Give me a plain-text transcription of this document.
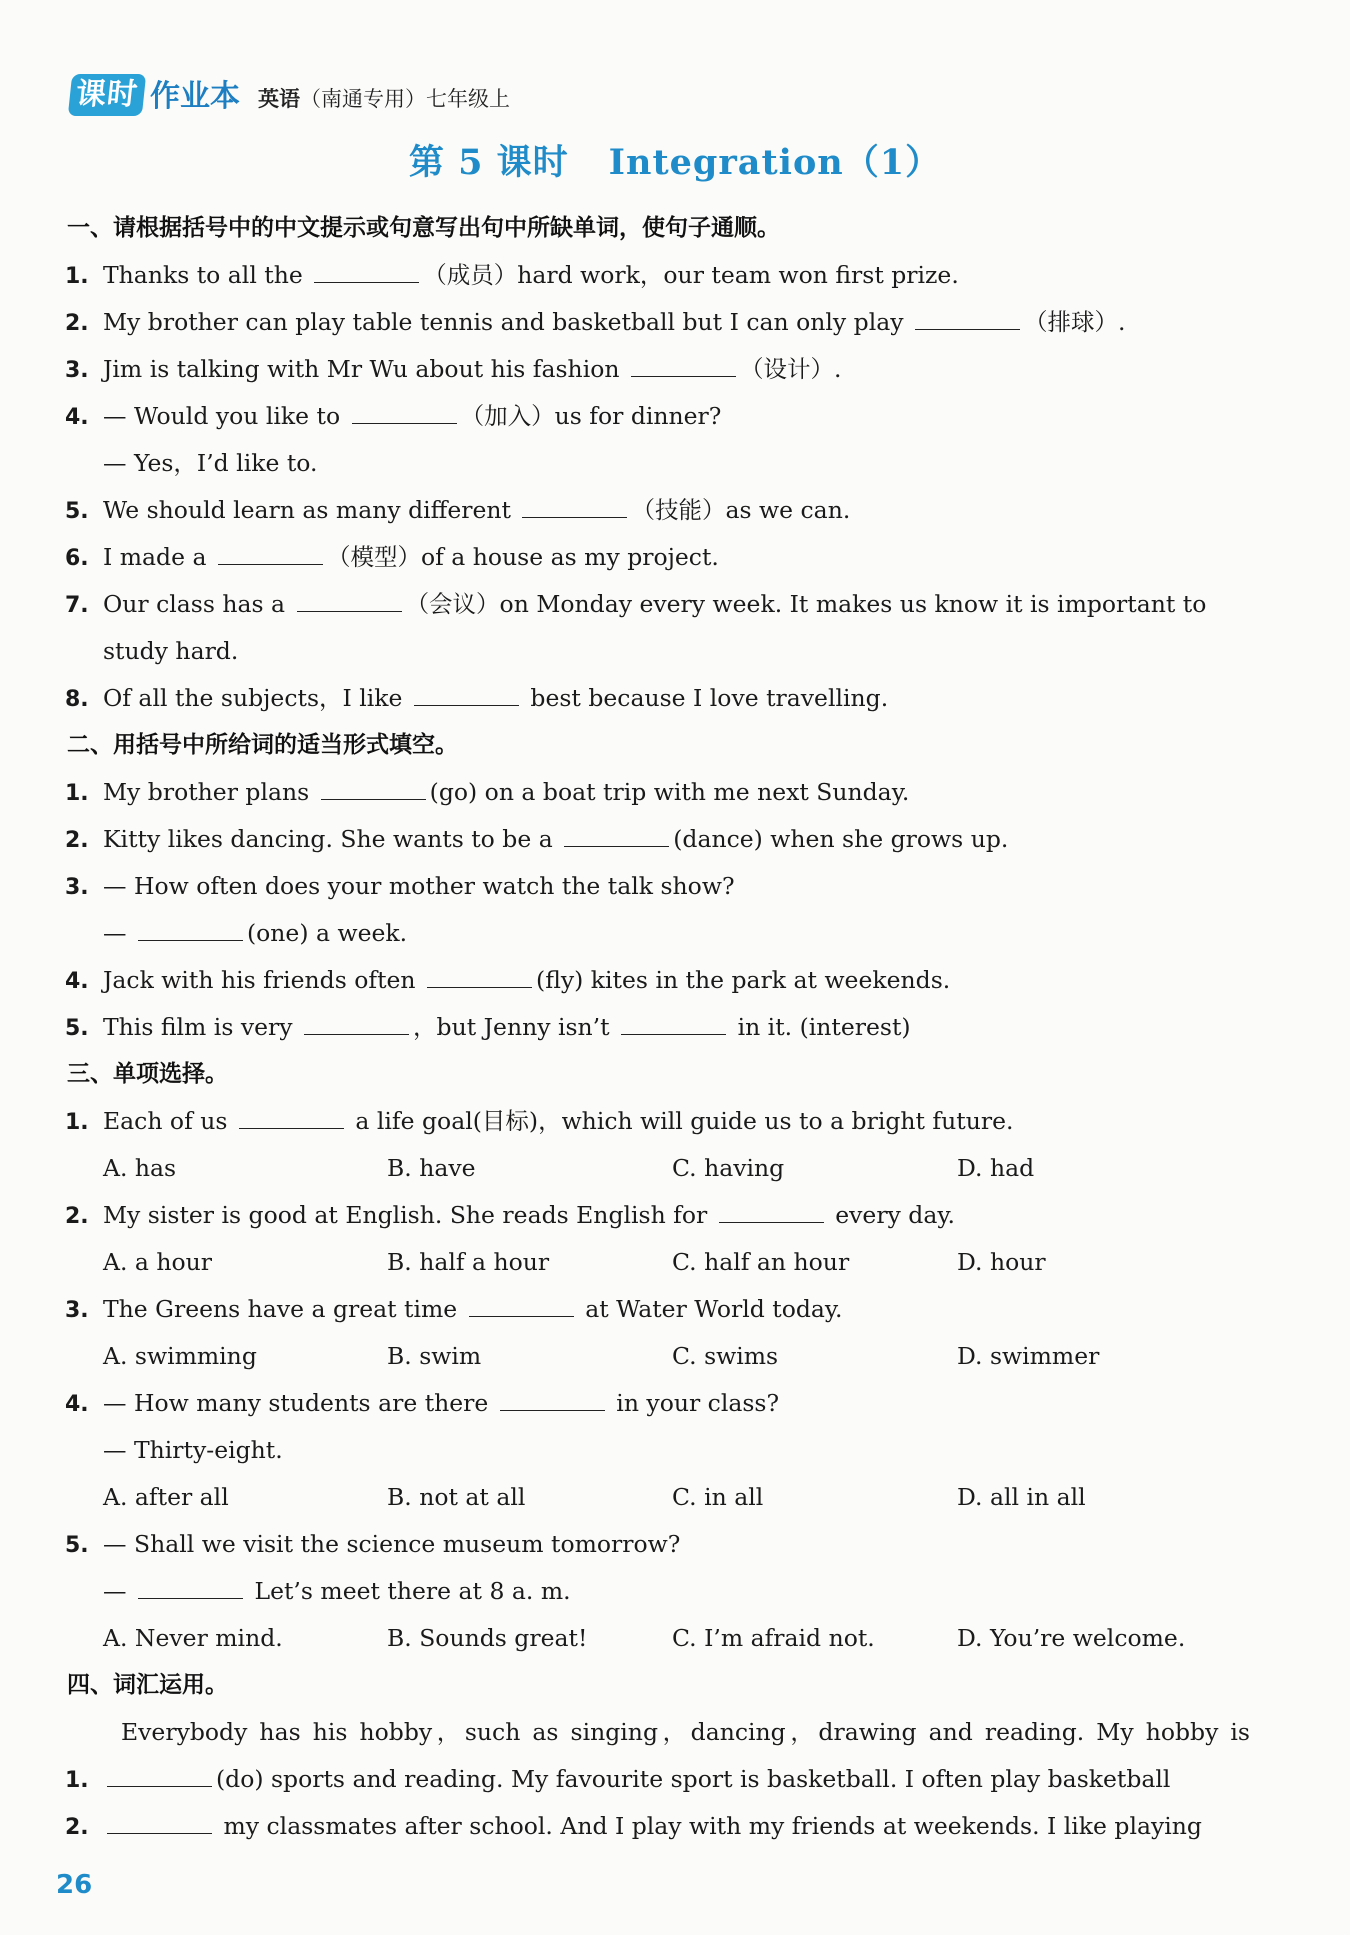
课时 作业本 英语（南通专用）七年级上
第 5 课时 Integration（1）
一、请根据括号中的中文提示或句意写出句中所缺单词，使句子通顺。
1. Thanks to all the	（成员）hard work，our team won first prize.
2. My brother can play table tennis and basketball but I can only play	（排球）.
3. Jim is talking with Mr Wu about his fashion	（设计）.
4. — Would you like to	（加入）us for dinner?
— Yes，I’d like to.
5. We should learn as many different	（技能）as we can.
6. I made a	（模型）of a house as my project.
7. Our class has a	（会议）on Monday every week. It makes us know it is important to
study hard.
8. Of all the subjects，I like	best because I love travelling.
二、用括号中所给词的适当形式填空。
1. My brother plans	(go) on a boat trip with me next Sunday.
2. Kitty likes dancing. She wants to be a	(dance) when she grows up.
3. — How often does your mother watch the talk show?
—	(one) a week.
4. Jack with his friends often	(fly) kites in the park at weekends.
5. This film is very	，but Jenny isn’t	in it. (interest)
三、单项选择。
1. Each of us	a life goal(目标)，which will guide us to a bright future.
A. has	B. have	C. having	D. had
2. My sister is good at English. She reads English for	every day.
A. a hour	B. half a hour	C. half an hour	D. hour
3. The Greens have a great time	at Water World today.
A. swimming	B. swim	C. swims	D. swimmer
4. — How many students are there	in your class?
— Thirty-eight.
A. after all	B. not at all	C. in all	D. all in all
5. — Shall we visit the science museum tomorrow?
—	Let’s meet there at 8 a. m.
A. Never mind.	B. Sounds great!	C. I’m afraid not.	D. You’re welcome.
四、词汇运用。
Everybody has his hobby，such as singing，dancing，drawing and reading. My hobby is
1.	(do) sports and reading. My favourite sport is basketball. I often play basketball
2.	my classmates after school. And I play with my friends at weekends. I like playing
26
